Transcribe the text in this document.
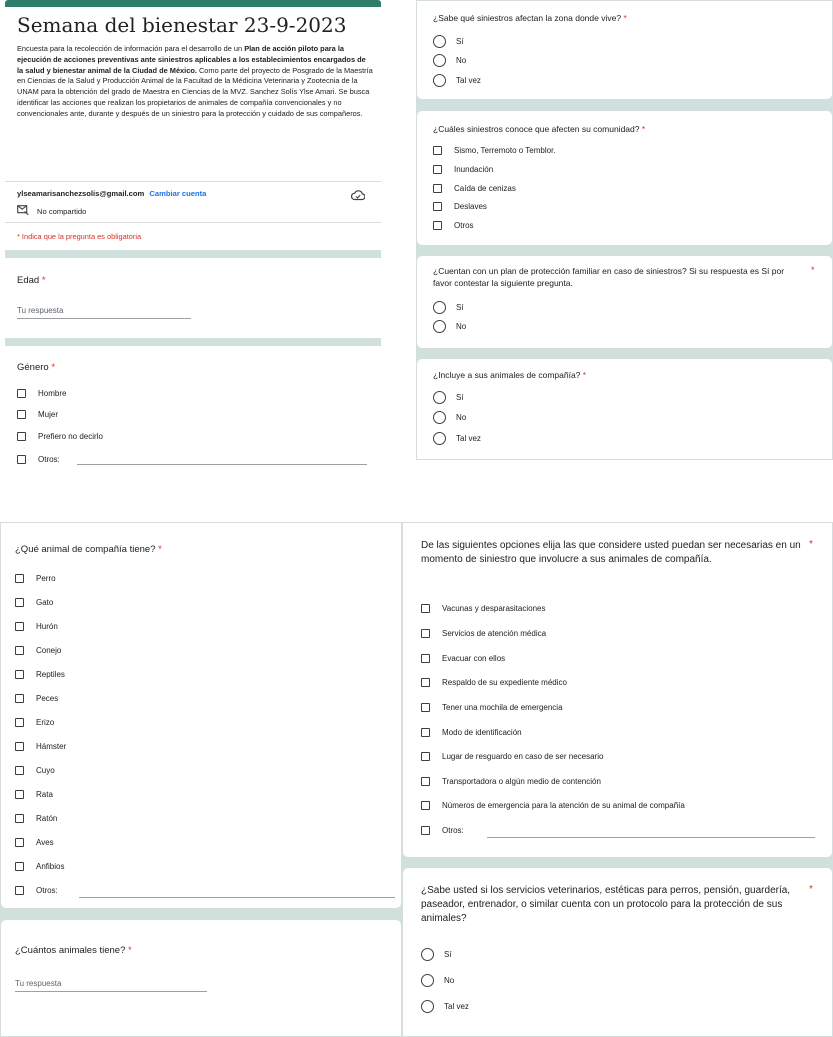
Semana del bienestar 23-9-2023
Encuesta para la recolección de información para el desarrollo de un Plan de acción piloto para la ejecución de acciones preventivas ante siniestros aplicables a los establecimientos encargados de la salud y bienestar animal de la Ciudad de México. Como parte del proyecto de Posgrado de la Maestría en Ciencias de la Salud y Producción Animal de la Facultad de la Médicina Veterinaria y Zootecnia de la UNAM para la obtención del grado de Maestra en Ciencias de la MVZ. Sanchez Solís Ylse Amari. Se busca identificar las acciones que realizan los propietarios de animales de compañía convencionales y no convencionales ante, durante y después de un siniestro para la protección y cuidado de sus compañeros.
ylseamarisanchezsolis@gmail.com Cambiar cuenta
No compartido
* Indica que la pregunta es obligatoria
Edad *
Tu respuesta
Género *
Hombre
Mujer
Prefiero no decirlo
Otros:
¿Sabe qué siniestros afectan la zona donde vive? *
Sí
No
Tal vez
¿Cuáles siniestros conoce que afecten su comunidad? *
Sismo, Terremoto o Temblor.
Inundación
Caída de cenizas
Deslaves
Otros
¿Cuentan con un plan de protección familiar en caso de siniestros? Si su respuesta es Sí por favor contestar la siguiente pregunta.
*
Sí
No
¿Incluye a sus animales de compañía? *
Sí
No
Tal vez
¿Qué animal de compañía tiene? *
Perro
Gato
Hurón
Conejo
Reptiles
Peces
Erizo
Hámster
Cuyo
Rata
Ratón
Aves
Anfibios
Otros:
¿Cuántos animales tiene? *
Tu respuesta
De las siguientes opciones elija las que considere usted puedan ser necesarias en un momento de siniestro que involucre a sus animales de compañía.
*
Vacunas y desparasitaciones
Servicios de atención médica
Evacuar con ellos
Respaldo de su expediente médico
Tener una mochila de emergencia
Modo de identificación
Lugar de resguardo en caso de ser necesario
Transportadora o algún medio de contención
Números de emergencia para la atención de su animal de compañía
Otros:
¿Sabe usted si los servicios veterinarios, estéticas para perros, pensión, guardería, paseador, entrenador, o similar cuenta con un protocolo para la protección de sus animales?
*
Sí
No
Tal vez
